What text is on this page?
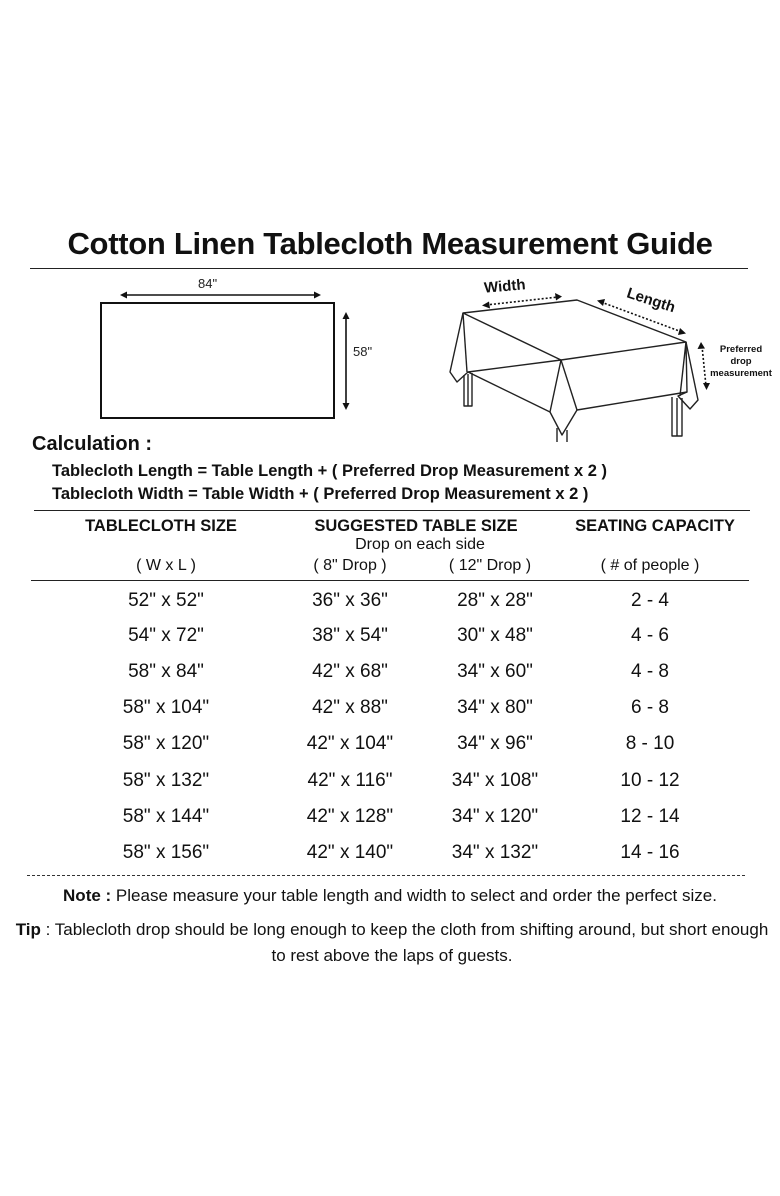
Cotton Linen Tablecloth Measurement Guide
84"
58"
Width	Length
Preferred
drop
measurement
Calculation :
Tablecloth Length = Table Length + ( Preferred Drop Measurement x 2 )
Tablecloth Width = Table Width + ( Preferred Drop Measurement x 2 )
TABLECLOTH SIZE	SUGGESTED TABLE SIZE	SEATING CAPACITY
Drop on each side
( W x L )	( 8" Drop )	( 12" Drop )	( # of people )
52" x 52"	36" x 36"	28" x 28"	2 - 4
54" x 72"	38" x 54"	30" x 48"	4 - 6
58" x 84"	42" x 68"	34" x 60"	4 - 8
58" x 104"	42" x 88"	34" x 80"	6 - 8
58" x 120"	42" x 104"	34" x 96"	8 - 10
58" x 132"	42" x 116"	34" x 108"	10 - 12
58" x 144"	42" x 128"	34" x 120"	12 - 14
58" x 156"	42" x 140"	34" x 132"	14 - 16
Note : Please measure your table length and width to select and order the perfect size.
Tip : Tablecloth drop should be long enough to keep the cloth from shifting around, but short enough to rest above the laps of guests.
